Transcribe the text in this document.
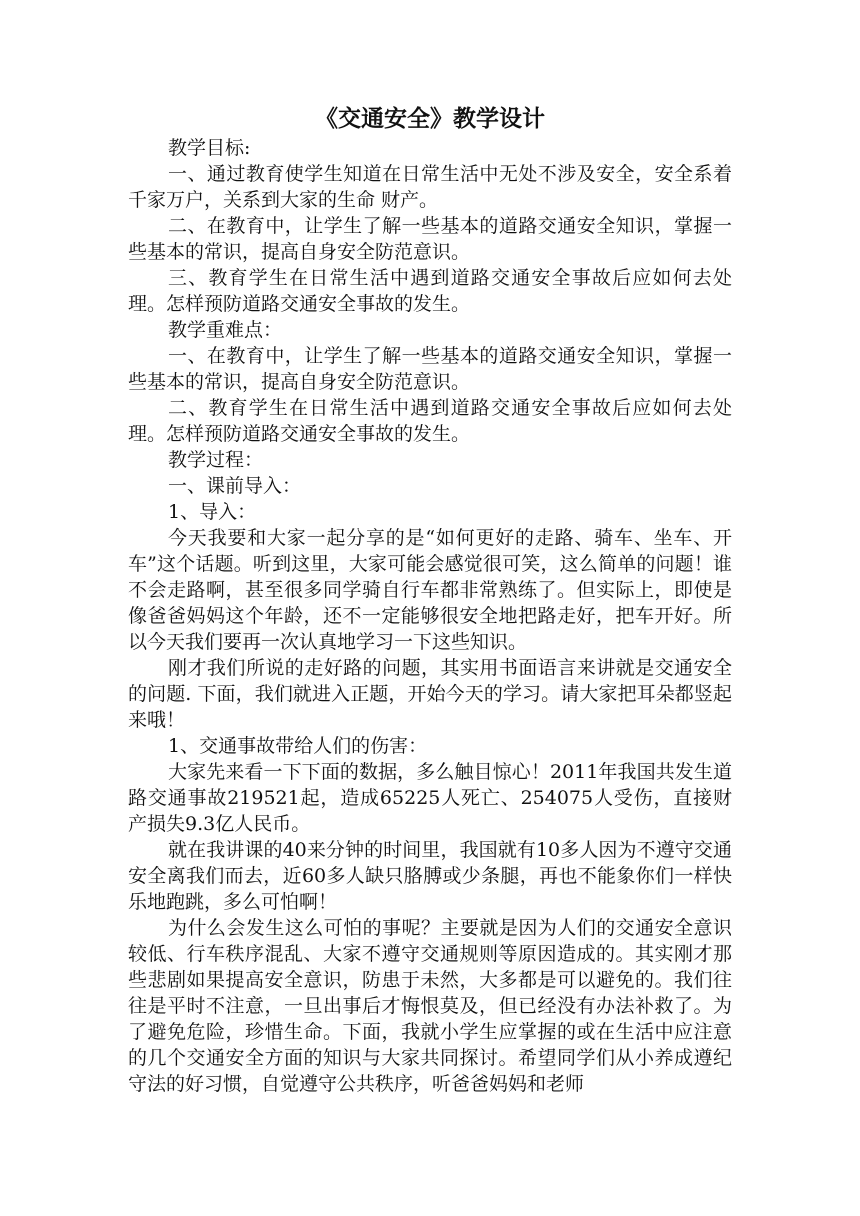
《交通安全》教学设计

教学目标:

一、通过教育使学生知道在日常生活中无处不涉及安全，安全系着千家万户，关系到大家的生命 财产。

二、在教育中，让学生了解一些基本的道路交通安全知识，掌握一些基本的常识，提高自身安全防范意识。

三、教育学生在日常生活中遇到道路交通安全事故后应如何去处理。怎样预防道路交通安全事故的发生。

教学重难点：

一、在教育中，让学生了解一些基本的道路交通安全知识，掌握一些基本的常识，提高自身安全防范意识。

二、教育学生在日常生活中遇到道路交通安全事故后应如何去处理。怎样预防道路交通安全事故的发生。

教学过程：

一、课前导入：

1、导入：

今天我要和大家一起分享的是“如何更好的走路、骑车、坐车、开车”这个话题。听到这里，大家可能会感觉很可笑，这么简单的问题！谁不会走路啊，甚至很多同学骑自行车都非常熟练了。但实际上，即使是像爸爸妈妈这个年龄，还不一定能够很安全地把路走好，把车开好。所以今天我们要再一次认真地学习一下这些知识。

刚才我们所说的走好路的问题，其实用书面语言来讲就是交通安全的问题. 下面，我们就进入正题，开始今天的学习。请大家把耳朵都竖起来哦！

1、交通事故带给人们的伤害：

大家先来看一下下面的数据，多么触目惊心！2011年我国共发生道路交通事故219521起，造成65225人死亡、254075人受伤，直接财产损失9.3亿人民币。

就在我讲课的40来分钟的时间里，我国就有10多人因为不遵守交通安全离我们而去，近60多人缺只胳膊或少条腿，再也不能象你们一样快乐地跑跳，多么可怕啊！

为什么会发生这么可怕的事呢？主要就是因为人们的交通安全意识较低、行车秩序混乱、大家不遵守交通规则等原因造成的。其实刚才那些悲剧如果提高安全意识，防患于未然，大多都是可以避免的。我们往往是平时不注意，一旦出事后才悔恨莫及，但已经没有办法补救了。为了避免危险，珍惜生命。下面，我就小学生应掌握的或在生活中应注意的几个交通安全方面的知识与大家共同探讨。希望同学们从小养成遵纪守法的好习惯，自觉遵守公共秩序，听爸爸妈妈和老师
